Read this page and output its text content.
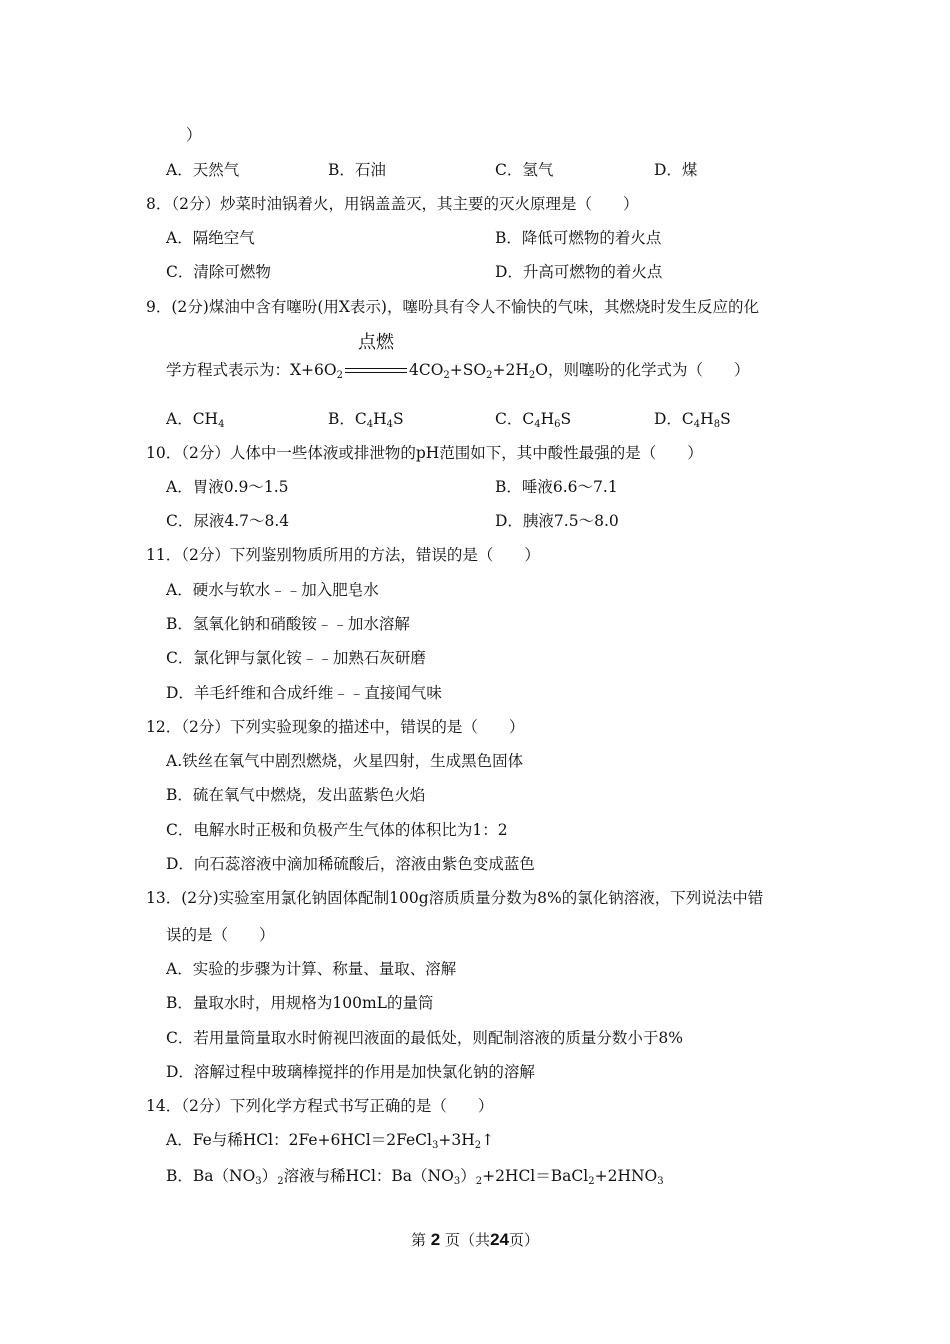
）
A．天然气	B．石油	C．氢气	D．煤
8．（2分）炒菜时油锅着火，用锅盖盖灭，其主要的灭火原理是（　　）
A．隔绝空气	B．降低可燃物的着火点
C．清除可燃物	D．升高可燃物的着火点
9．(2分)煤油中含有噻吩(用X表示)，噻吩具有令人不愉快的气味，其燃烧时发生反应的化
学方程式表示为：$X+6O_2$
点燃
$4CO_2+SO_2+2H_2O$，则噻吩的化学式为（　　）
A．$CH_4$	B．$C_4H_4S$	C．$C_4H_6S$	D．$C_4H_8S$
10．（2分）人体中一些体液或排泄物的pH范围如下，其中酸性最强的是（　　）
A．胃液0.9～1.5	B．唾液6.6～7.1
C．尿液4.7～8.4	D．胰液7.5～8.0
11．（2分）下列鉴别物质所用的方法，错误的是（　　）
A．硬水与软水﹣﹣加入肥皂水
B．氢氧化钠和硝酸铵﹣﹣加水溶解
C．氯化钾与氯化铵﹣﹣加熟石灰研磨
D．羊毛纤维和合成纤维﹣﹣直接闻气味
12．（2分）下列实验现象的描述中，错误的是（　　）
A.铁丝在氧气中剧烈燃烧，火星四射，生成黑色固体
B．硫在氧气中燃烧，发出蓝紫色火焰
C．电解水时正极和负极产生气体的体积比为1：2
D．向石蕊溶液中滴加稀硫酸后，溶液由紫色变成蓝色
13．(2分)实验室用氯化钠固体配制100g溶质质量分数为8%的氯化钠溶液，下列说法中错
误的是（　　）
A．实验的步骤为计算、称量、量取、溶解
B．量取水时，用规格为100mL的量筒
C．若用量筒量取水时俯视凹液面的最低处，则配制溶液的质量分数小于8%
D．溶解过程中玻璃棒搅拌的作用是加快氯化钠的溶解
14．（2分）下列化学方程式书写正确的是（　　）
A．Fe与稀HCl：$2Fe+6HCl=2FeCl_3+3H_2↑$
B．$Ba(NO_3)_2$溶液与稀HCl：$Ba(NO_3)_2+2HCl=BaCl_2+2HNO_3$
第 2 页（共24页）
